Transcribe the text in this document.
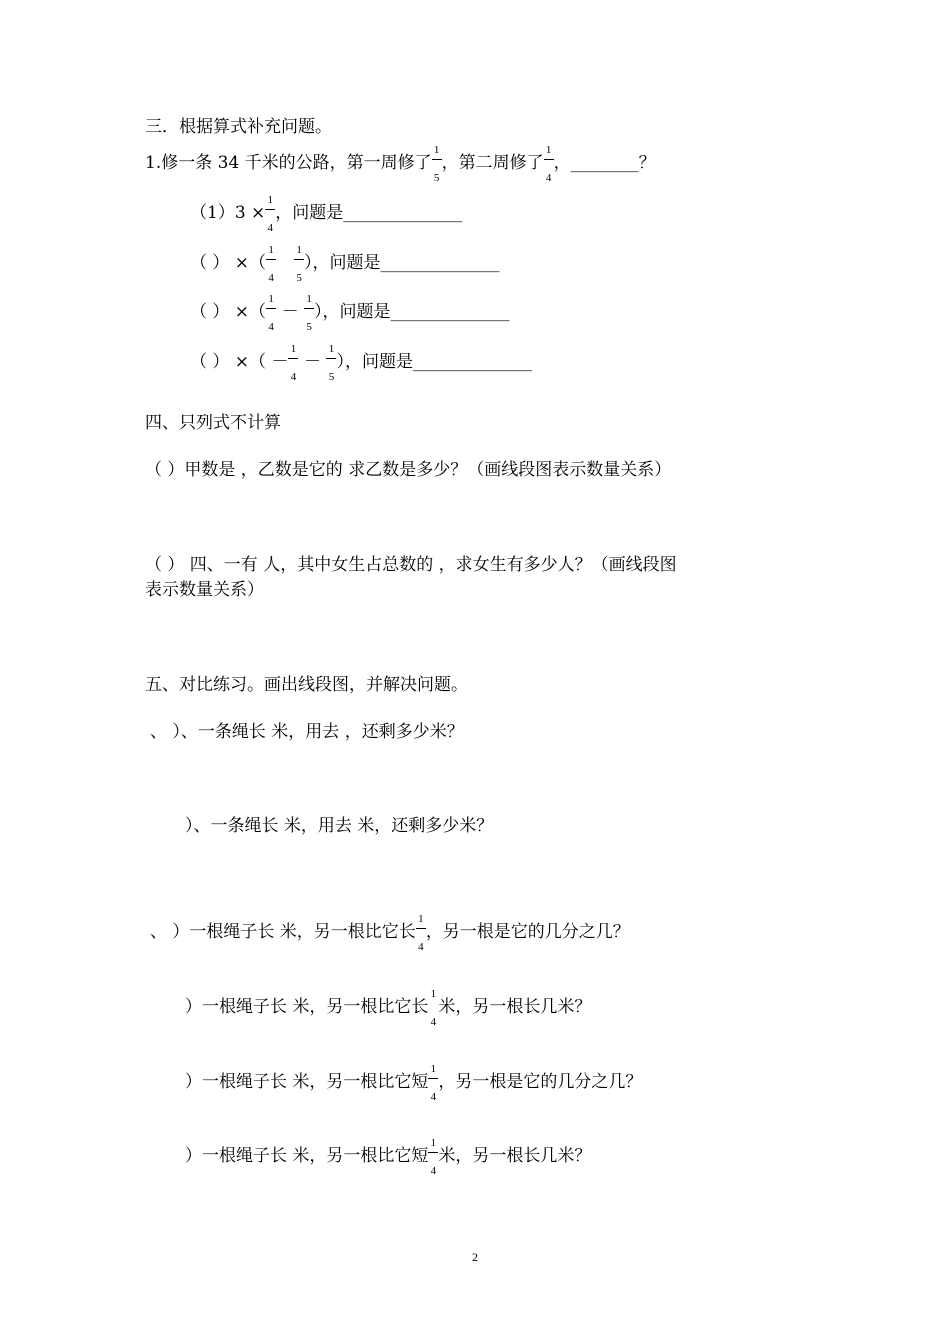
三．根据算式补充问题。
1.修一条 34 千米的公路，第一周修了 $\frac{1}{5}$ ，第二周修了 $\frac{1}{4}$ ，________？
$(1)3 \times \frac{1}{4}$ ，问题是______________
（ ） ×（ $\frac{1}{4} \frac{1}{5}$ ），问题是______________
（ ） ×（ $\frac{1}{4} - \frac{1}{5}$ ），问题是______________
（ ） ×（ － $\frac{1}{4} - \frac{1}{5}$ ），问题是______________
四、只列式不计算
（ ）甲数是 ，乙数是它的 求乙数是多少？（画线段图表示数量关系）
（ ） 四、一有 人，其中女生占总数的 ，求女生有多少人？（画线段图
表示数量关系）
五、对比练习。画出线段图，并解决问题。
、 ）、一条绳长 米，用去 ，还剩多少米？
）、一条绳长 米，用去 米，还剩多少米？
、 ）一根绳子长 米，另一根比它长 $\frac{1}{4}$ ，另一根是它的几分之几？
）一根绳子长 米，另一根比它长
1
4
米，另一根长几米？
）一根绳子长 米，另一根比它短 $\frac{1}{4}$ ，另一根是它的几分之几？
）一根绳子长 米，另一根比它短 $\frac{1}{4}$ 米，另一根长几米？
2
